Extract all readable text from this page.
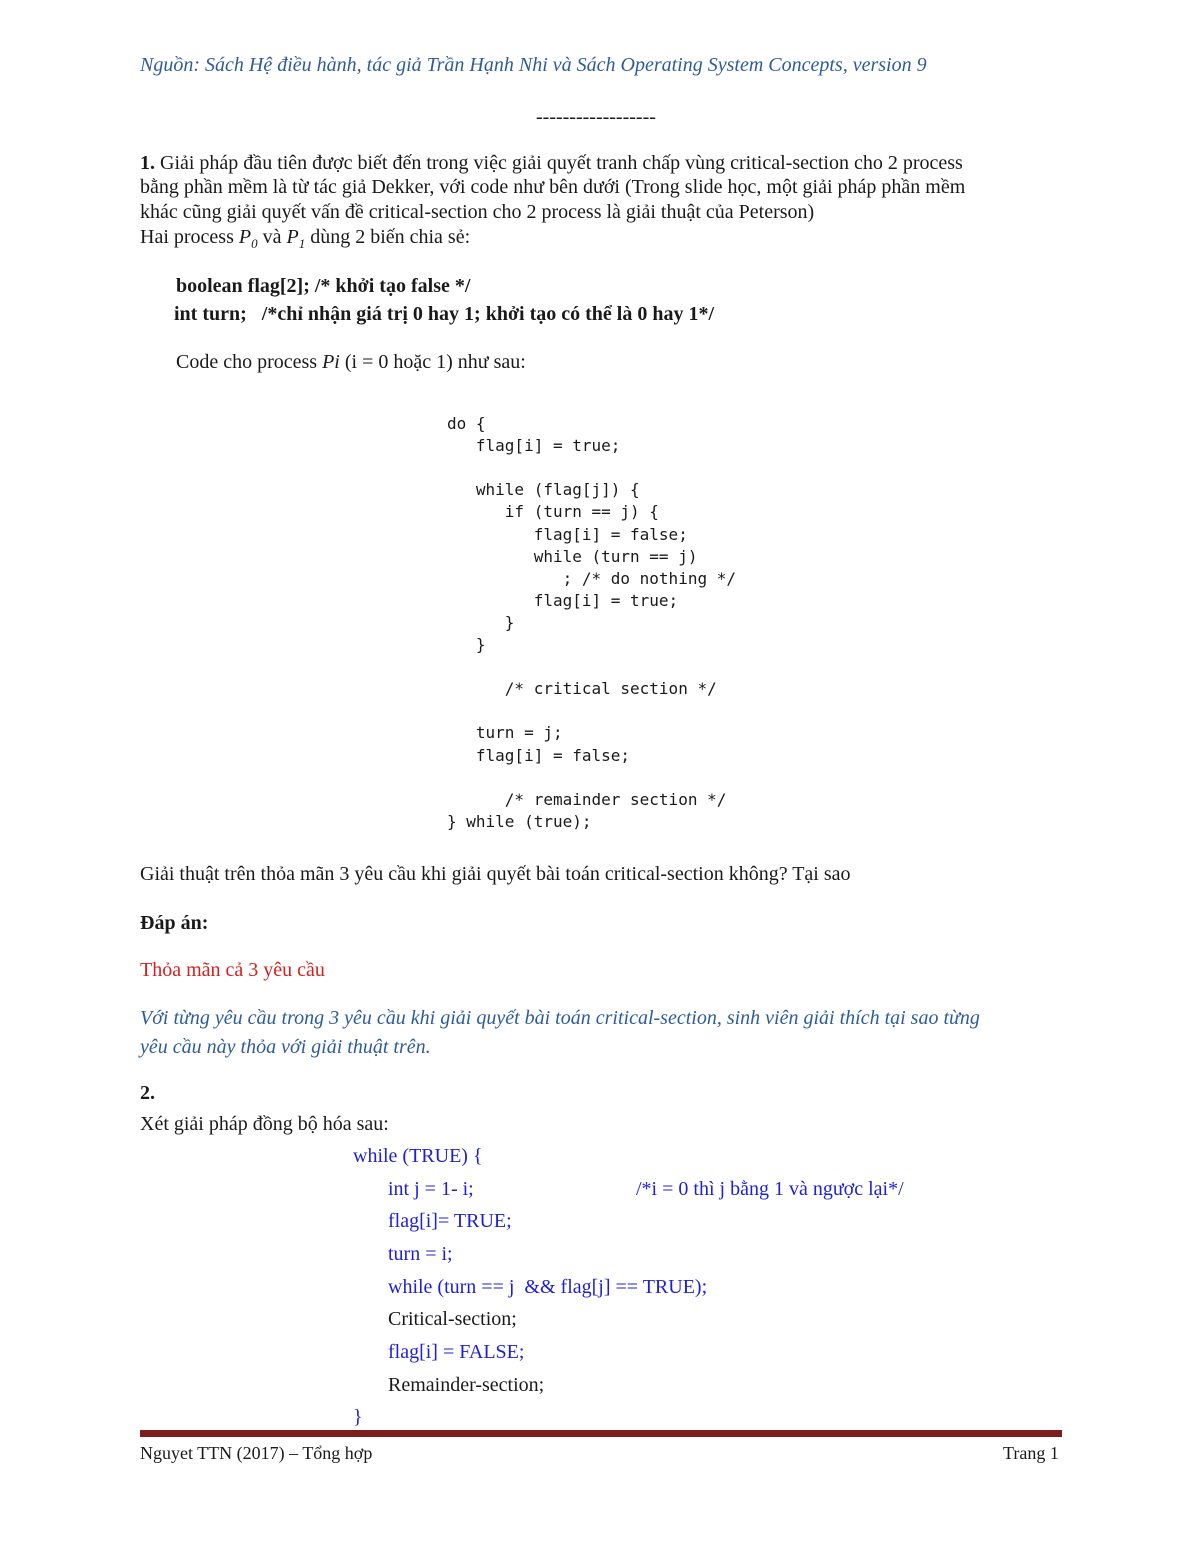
Nguồn: Sách Hệ điều hành, tác giả Trần Hạnh Nhi và Sách Operating System Concepts, version 9
------------------
1. Giải pháp đầu tiên được biết đến trong việc giải quyết tranh chấp vùng critical-section cho 2 process
bằng phần mềm là từ tác giả Dekker, với code như bên dưới (Trong slide học, một giải pháp phần mềm
khác cũng giải quyết vấn đề critical-section cho 2 process là giải thuật của Peterson)
Hai process $P_0$ và $P_1$ dùng 2 biến chia sẻ:
boolean flag[2]; /* khởi tạo false */
int turn;   /*chỉ nhận giá trị 0 hay 1; khởi tạo có thể là 0 hay 1*/
Code cho process Pi (i = 0 hoặc 1) như sau:
do {
flag[i] = true;
while (flag[j]) {
if (turn == j) {
flag[i] = false;
while (turn == j)
; /* do nothing */
flag[i] = true;
}
}
/* critical section */
turn = j;
flag[i] = false;
/* remainder section */
} while (true);
Giải thuật trên thỏa mãn 3 yêu cầu khi giải quyết bài toán critical-section không? Tại sao
Đáp án:
Thỏa mãn cả 3 yêu cầu
Với từng yêu cầu trong 3 yêu cầu khi giải quyết bài toán critical-section, sinh viên giải thích tại sao từng
yêu cầu này thỏa với giải thuật trên.
2.
Xét giải pháp đồng bộ hóa sau:
while (TRUE) {
int j = 1- i;	/*i = 0 thì j bằng 1 và ngược lại*/
flag[i]= TRUE;
turn = i;
while (turn == j  && flag[j] == TRUE);
Critical-section;
flag[i] = FALSE;
Remainder-section;
}
Nguyet TTN (2017) – Tổng hợp	Trang 1
